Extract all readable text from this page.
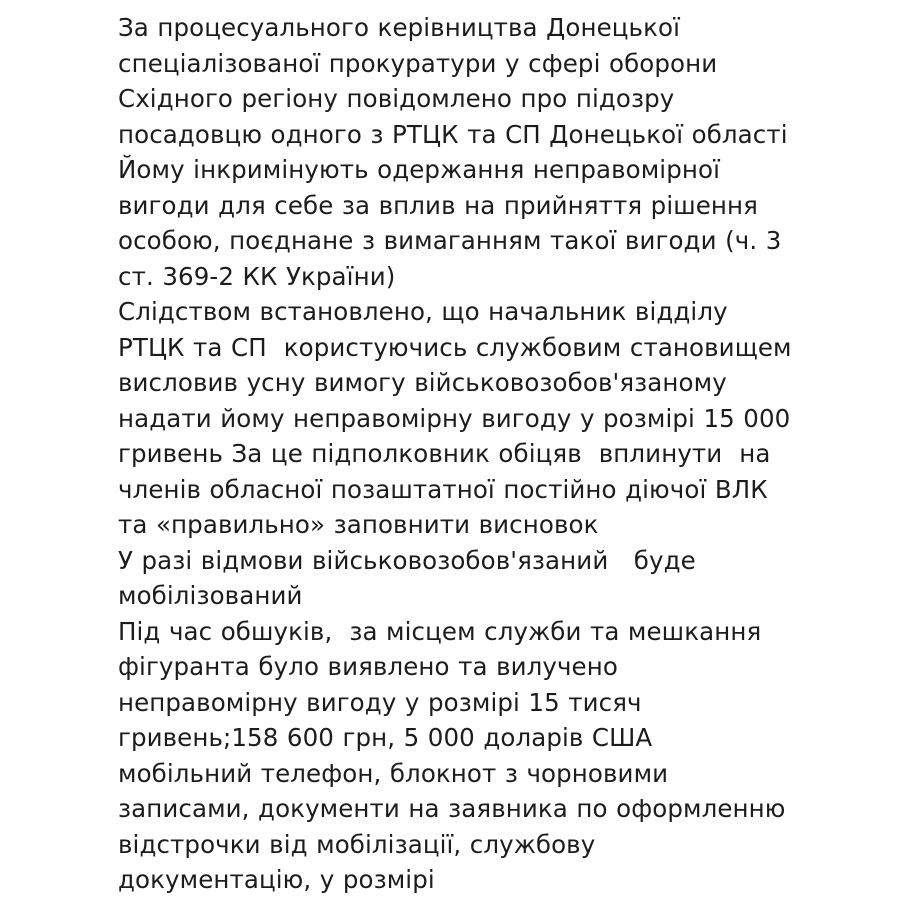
За процесуального керівництва Донецької спеціалізованої прокуратури у сфері оборони Східного регіону повідомлено про підозру посадовцю одного з РТЦК та СП Донецької області

Йому інкримінують одержання неправомірної вигоди для себе за вплив на прийняття рішення особою, поєднане з вимаганням такої вигоди (ч. 3 ст. 369-2 КК України)

Слідством встановлено, що начальник відділу РТЦК та СП  користуючись службовим становищем висловив усну вимогу військовозобов'язаному надати йому неправомірну вигоду у розмірі 15 000 гривень За це підполковник обіцяв  вплинути  на членів обласної позаштатної постійно діючої ВЛК  та «правильно» заповнити висновок

У разі відмови військовозобов'язаний   буде мобілізований

Під час обшуків,  за місцем служби та мешкання фігуранта було виявлено та вилучено неправомірну вигоду у розмірі 15 тисяч гривень;158 600 грн, 5 000 доларів США мобільний телефон, блокнот з чорновими записами, документи на заявника по оформленню відстрочки від мобілізації, службову документацію, у розмірі
